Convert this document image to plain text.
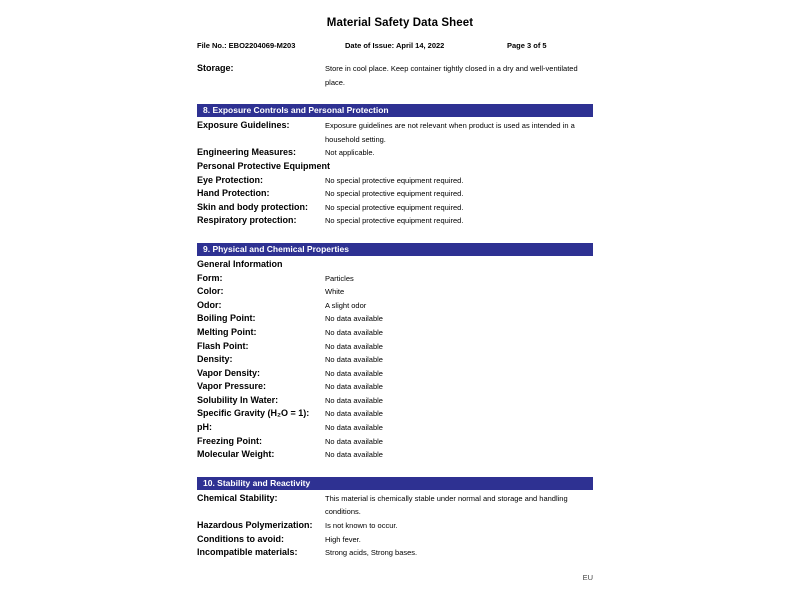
Material Safety Data Sheet
File No.: EBO2204069-M203	Date of Issue: April 14, 2022	Page 3 of 5
Storage:	Store in cool place. Keep container tightly closed in a dry and well-ventilated place.
8. Exposure Controls and Personal Protection
Exposure Guidelines:	Exposure guidelines are not relevant when product is used as intended in a household setting.
Engineering Measures:	Not applicable.
Personal Protective Equipment
Eye Protection:	No special protective equipment required.
Hand Protection:	No special protective equipment required.
Skin and body protection:	No special protective equipment required.
Respiratory protection:	No special protective equipment required.
9. Physical and Chemical Properties
General Information
Form:	Particles
Color:	White
Odor:	A slight odor
Boiling Point:	No data available
Melting Point:	No data available
Flash Point:	No data available
Density:	No data available
Vapor Density:	No data available
Vapor Pressure:	No data available
Solubility In Water:	No data available
Specific Gravity (H₂O = 1):	No data available
pH:	No data available
Freezing Point:	No data available
Molecular Weight:	No data available
10. Stability and Reactivity
Chemical Stability:	This material is chemically stable under normal and storage and handling conditions.
Hazardous Polymerization:	Is not known to occur.
Conditions to avoid:	High fever.
Incompatible materials:	Strong acids, Strong bases.
EU
